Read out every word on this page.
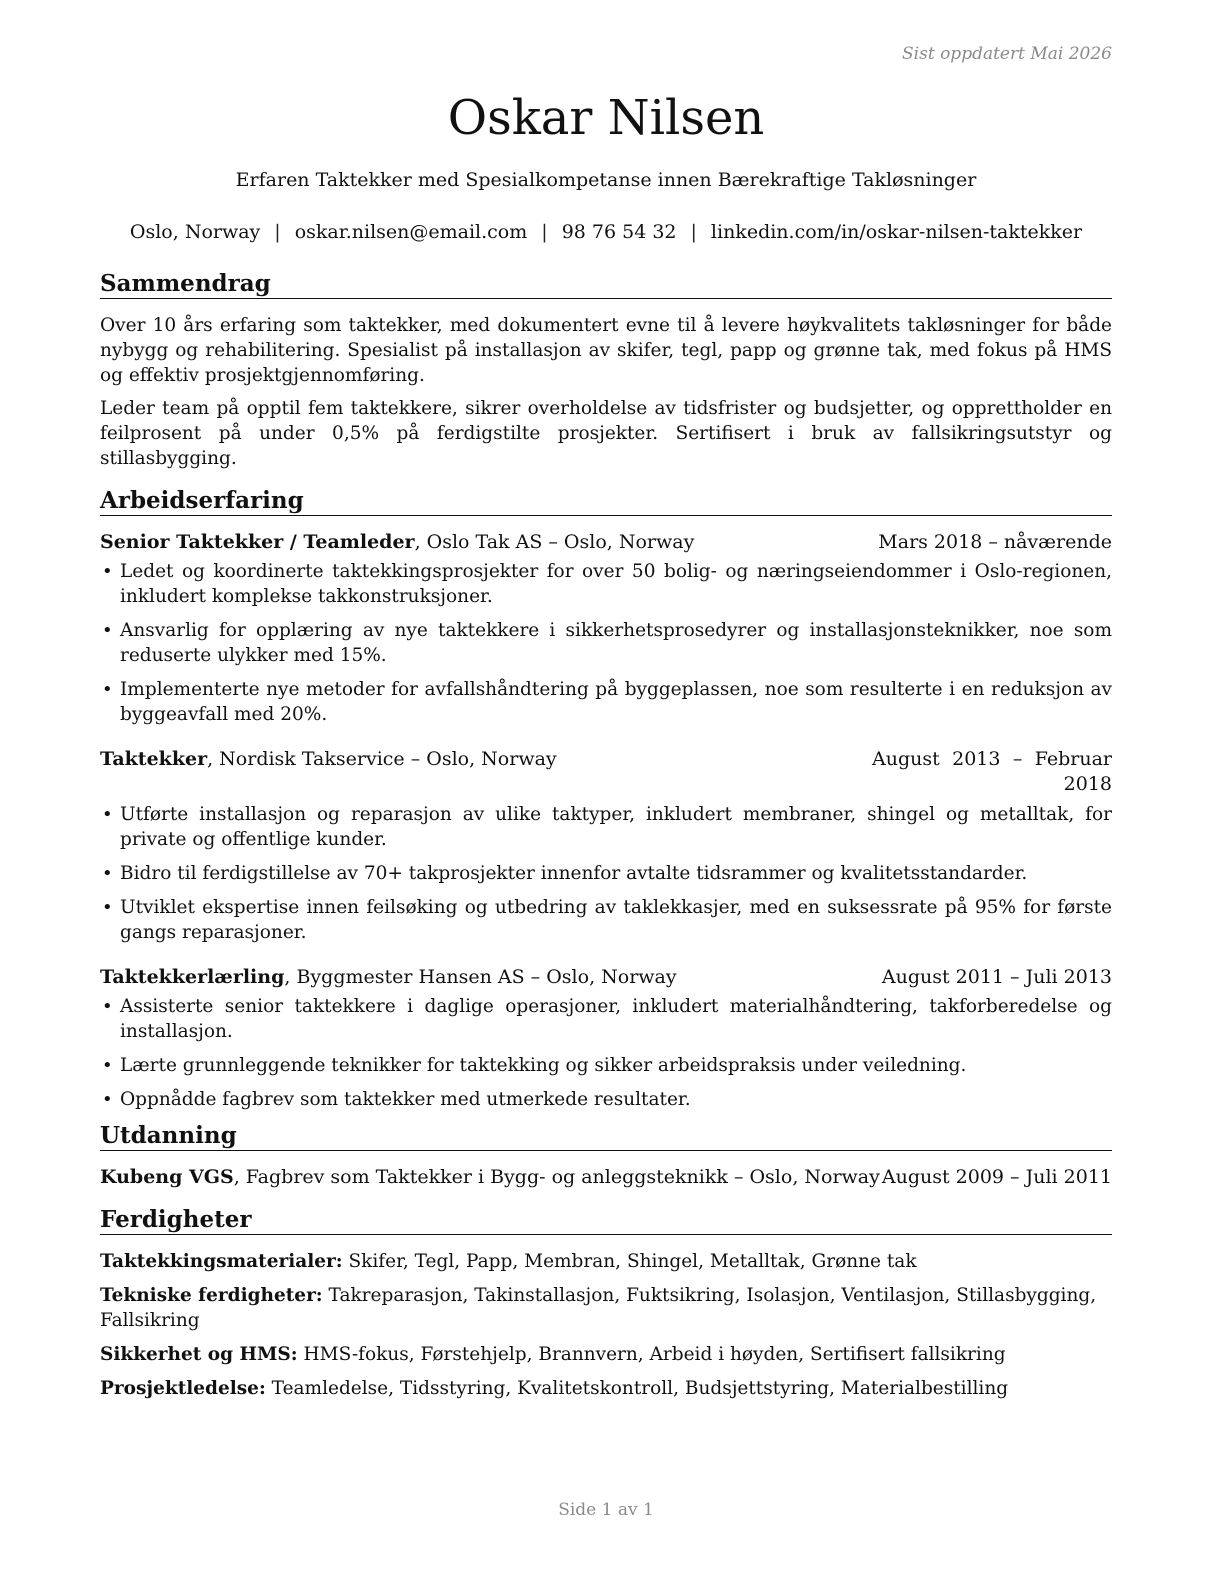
Sist oppdatert Mai 2026
Oskar Nilsen
Erfaren Taktekker med Spesialkompetanse innen Bærekraftige Takløsninger
Oslo, Norway | oskar.nilsen@email.com | 98 76 54 32 | linkedin.com/in/oskar-nilsen-taktekker
Sammendrag

Over 10 års erfaring som taktekker, med dokumentert evne til å levere høykvalitets takløsninger for både nybygg og rehabilitering. Spesialist på installasjon av skifer, tegl, papp og grønne tak, med fokus på HMS og effektiv prosjektgjennomføring.

Leder team på opptil fem taktekkere, sikrer overholdelse av tidsfrister og budsjetter, og opprettholder en feilprosent på under 0,5% på ferdigstilte prosjekter. Sertifisert i bruk av fallsikringsutstyr og stillasbygging.

Arbeidserfaring
Senior Taktekker / Teamleder, Oslo Tak AS – Oslo, Norway	Mars 2018 – nåværende
• Ledet og koordinerte taktekkingsprosjekter for over 50 bolig- og næringseiendommer i Oslo-regionen, inkludert komplekse takkonstruksjoner.
• Ansvarlig for opplæring av nye taktekkere i sikkerhetsprosedyrer og installasjonsteknikker, noe som reduserte ulykker med 15%.
• Implementerte nye metoder for avfallshåndtering på byggeplassen, noe som resulterte i en reduksjon av byggeavfall med 20%.
Taktekker, Nordisk Takservice – Oslo, Norway	August 2013 – Februar 2018
• Utførte installasjon og reparasjon av ulike taktyper, inkludert membraner, shingel og metalltak, for private og offentlige kunder.
• Bidro til ferdigstillelse av 70+ takprosjekter innenfor avtalte tidsrammer og kvalitetsstandarder.
• Utviklet ekspertise innen feilsøking og utbedring av taklekkasjer, med en suksessrate på 95% for første gangs reparasjoner.
Taktekkerlærling, Byggmester Hansen AS – Oslo, Norway	August 2011 – Juli 2013
• Assisterte senior taktekkere i daglige operasjoner, inkludert materialhåndtering, takforberedelse og installasjon.
• Lærte grunnleggende teknikker for taktekking og sikker arbeidspraksis under veiledning.
• Oppnådde fagbrev som taktekker med utmerkede resultater.
Utdanning
Kubeng VGS, Fagbrev som Taktekker i Bygg- og anleggsteknikk – Oslo, Norway August 2009 – Juli 2011
Ferdigheter
Taktekkingsmaterialer: Skifer, Tegl, Papp, Membran, Shingel, Metalltak, Grønne tak
Tekniske ferdigheter: Takreparasjon, Takinstallasjon, Fuktsikring, Isolasjon, Ventilasjon, Stillasbygging, Fallsikring
Sikkerhet og HMS: HMS-fokus, Førstehjelp, Brannvern, Arbeid i høyden, Sertifisert fallsikring
Prosjektledelse: Teamledelse, Tidsstyring, Kvalitetskontroll, Budsjettstyring, Materialbestilling
Side 1 av 1
